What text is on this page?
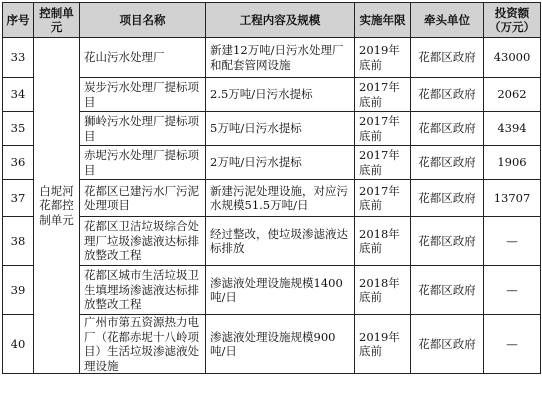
序号	控制单元	项目名称	工程内容及规模	实施年限	牵头单位	投资额（万元）
33	白坭河花都控制单元	花山污水处理厂	新建12万吨/日污水处理厂和配套管网设施	2019年底前	花都区政府	43000
34		炭步污水处理厂提标项目	2.5万吨/日污水提标	2017年底前	花都区政府	2062
35		狮岭污水处理厂提标项目	5万吨/日污水提标	2017年底前	花都区政府	4394
36		赤坭污水处理厂提标项目	2万吨/日污水提标	2017年底前	花都区政府	1906
37		花都区已建污水厂污泥处理项目	新建污泥处理设施，对应污水规模51.5万吨/日	2017年底前	花都区政府	13707
38		花都区卫洁垃圾综合处理厂垃圾渗滤液达标排放整改工程	经过整改，使垃圾渗滤液达标排放	2018年底前	花都区政府	—
39		花都区城市生活垃圾卫生填埋场渗滤液达标排放整改工程	渗滤液处理设施规模1400吨/日	2018年底前	花都区政府	—
40		广州市第五资源热力电厂（花都赤坭十八岭项目）生活垃圾渗滤液处理设施	渗滤液处理设施规模900吨/日	2019年底前	花都区政府	—
